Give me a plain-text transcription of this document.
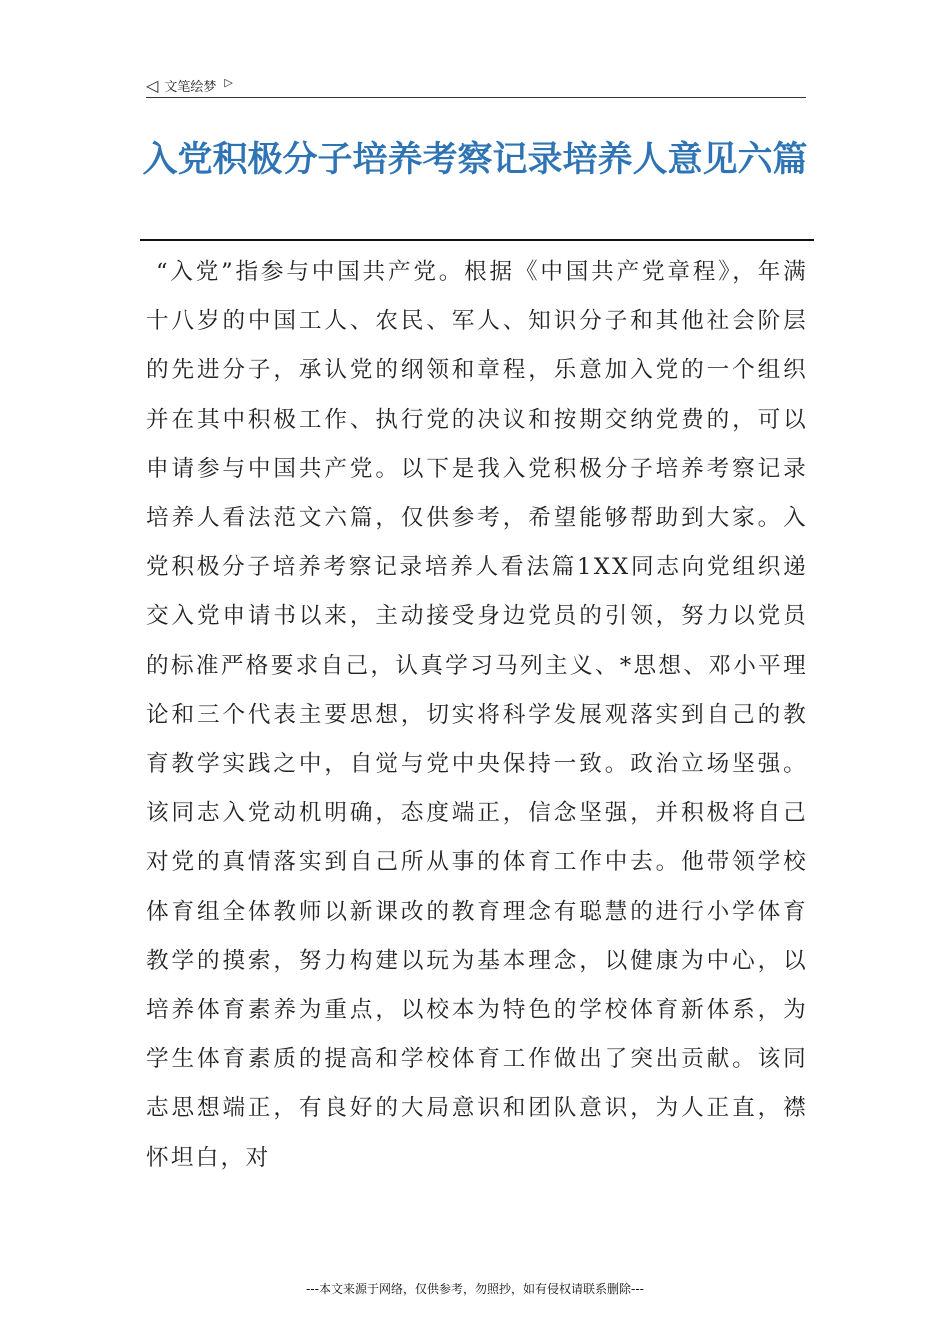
◁ 文笔绘梦 ▷
入党积极分子培养考察记录培养人意见六篇

“入党”指参与中国共产党。根据《中国共产党章程》，年满十八岁的中国工人、农民、军人、知识分子和其他社会阶层的先进分子，承认党的纲领和章程，乐意加入党的一个组织并在其中积极工作、执行党的决议和按期交纳党费的，可以申请参与中国共产党。以下是我入党积极分子培养考察记录培养人看法范文六篇，仅供参考，希望能够帮助到大家。入党积极分子培养考察记录培养人看法篇1XX同志向党组织递交入党申请书以来，主动接受身边党员的引领，努力以党员的标准严格要求自己，认真学习马列主义、*思想、邓小平理论和三个代表主要思想，切实将科学发展观落实到自己的教育教学实践之中，自觉与党中央保持一致。政治立场坚强。该同志入党动机明确，态度端正，信念坚强，并积极将自己对党的真情落实到自己所从事的体育工作中去。他带领学校体育组全体教师以新课改的教育理念有聪慧的进行小学体育教学的摸索，努力构建以玩为基本理念，以健康为中心，以培养体育素养为重点，以校本为特色的学校体育新体系，为学生体育素质的提高和学校体育工作做出了突出贡献。该同志思想端正，有良好的大局意识和团队意识，为人正直，襟怀坦白，对

---本文来源于网络，仅供参考，勿照抄，如有侵权请联系删除---
